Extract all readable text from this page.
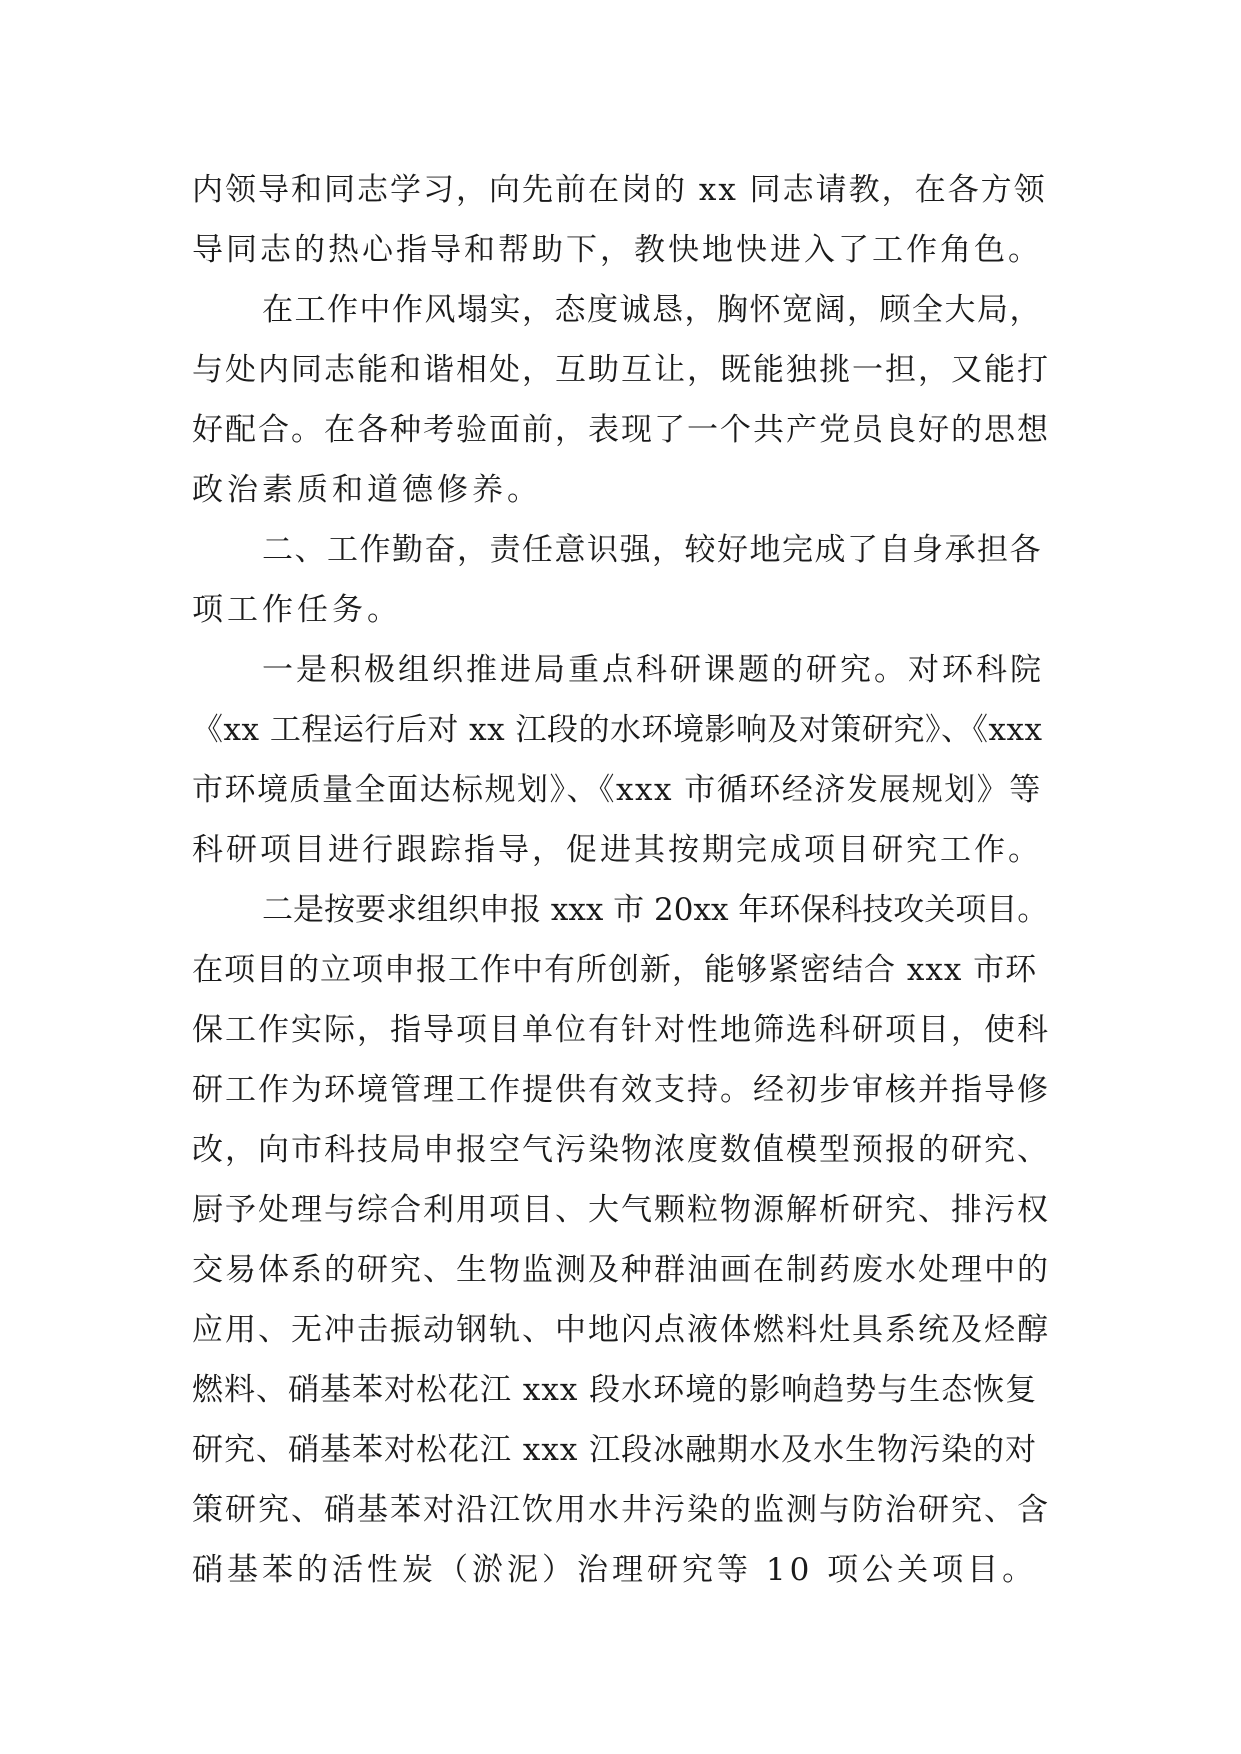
内领导和同志学习，向先前在岗的 xx 同志请教，在各方领
导同志的热心指导和帮助下，教快地快进入了工作角色。
在工作中作风塌实，态度诚恳，胸怀宽阔，顾全大局，
与处内同志能和谐相处，互助互让，既能独挑一担，又能打
好配合。在各种考验面前，表现了一个共产党员良好的思想
政治素质和道德修养。
二、工作勤奋，责任意识强，较好地完成了自身承担各
项工作任务。
一是积极组织推进局重点科研课题的研究。对环科院
《xx 工程运行后对 xx 江段的水环境影响及对策研究》、《xxx
市环境质量全面达标规划》、《xxx 市循环经济发展规划》等
科研项目进行跟踪指导，促进其按期完成项目研究工作。
二是按要求组织申报 xxx 市 20xx 年环保科技攻关项目。
在项目的立项申报工作中有所创新，能够紧密结合 xxx 市环
保工作实际，指导项目单位有针对性地筛选科研项目，使科
研工作为环境管理工作提供有效支持。经初步审核并指导修
改，向市科技局申报空气污染物浓度数值模型预报的研究、
厨予处理与综合利用项目、大气颗粒物源解析研究、排污权
交易体系的研究、生物监测及种群油画在制药废水处理中的
应用、无冲击振动钢轨、中地闪点液体燃料灶具系统及烃醇
燃料、硝基苯对松花江 xxx 段水环境的影响趋势与生态恢复
研究、硝基苯对松花江 xxx 江段冰融期水及水生物污染的对
策研究、硝基苯对沿江饮用水井污染的监测与防治研究、含
硝基苯的活性炭（淤泥）治理研究等 10 项公关项目。
